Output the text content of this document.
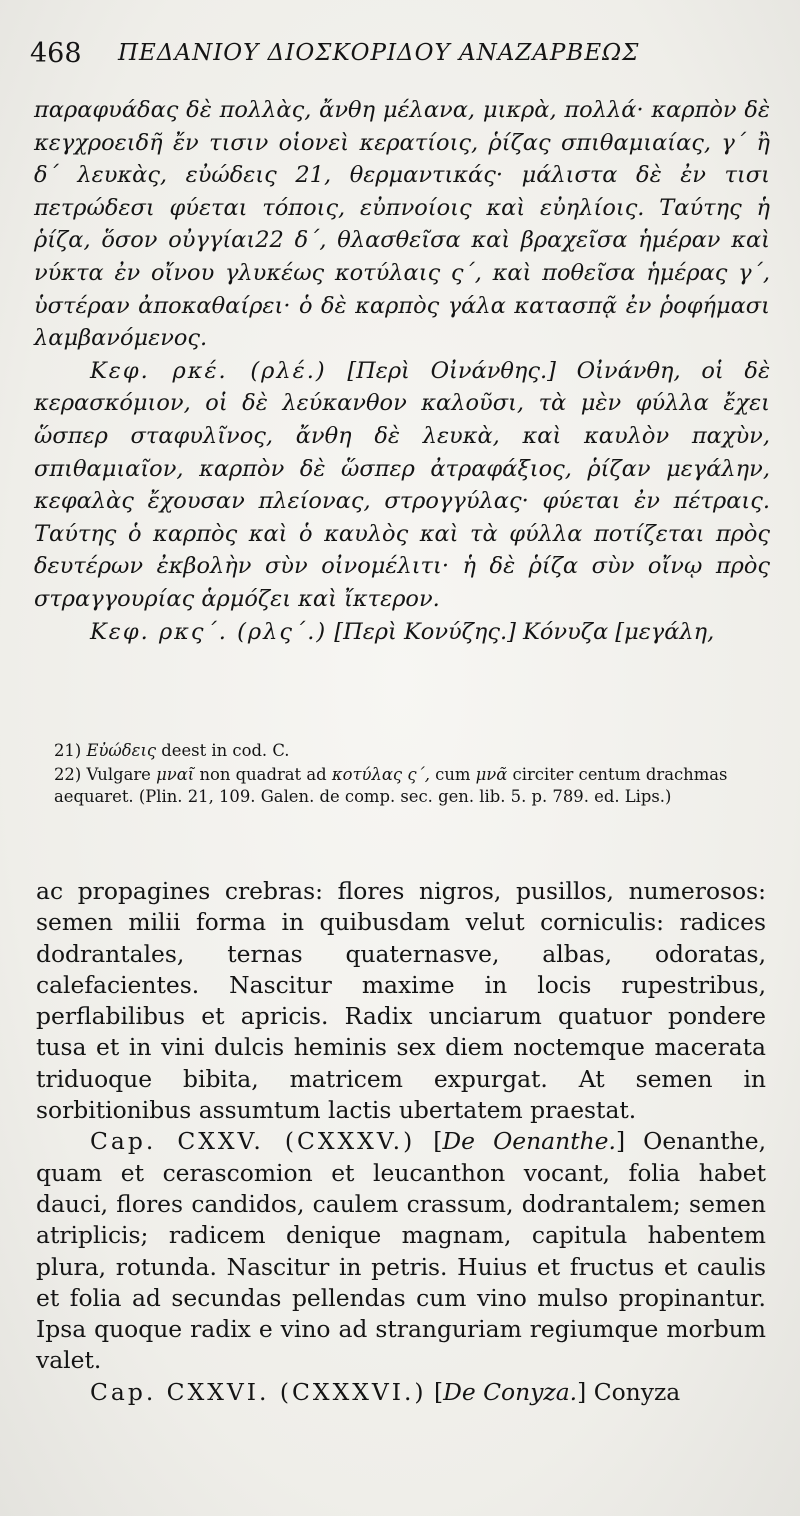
468 ΠΕΔΑΝΙΟΥ ΔΙΟΣΚΟΡΙΔΟΥ ΑΝΑΖΑΡΒΕΩΣ

παραφυάδας δὲ πολλὰς, ἄνθη μέλανα, μικρὰ, πολλά· καρπὸν δὲ κεγχροειδῆ ἔν τισιν οἱονεὶ κερατίοις, ῥίζας σπιθαμιαίας, γ΄ ἢ δ΄ λευκὰς, εὐώδεις 21, θερμαντικάς· μάλιστα δὲ ἐν τισι πετρώδεσι φύεται τόποις, εὐπνοίοις καὶ εὐηλίοις. Ταύτης ἡ ῥίζα, ὅσον οὐγγίαι22 δ΄, θλασθεῖσα καὶ βραχεῖσα ἡμέραν καὶ νύκτα ἐν οἴνου γλυκέως κοτύλαις ς΄, καὶ ποθεῖσα ἡμέρας γ΄, ὑστέραν ἀποκαθαίρει· ὁ δὲ καρπὸς γάλα κατασπᾷ ἐν ῥοφήμασι λαμβανόμενος.

Κεφ. ρκέ. (ρλέ.) [Περὶ Οἰνάνθης.] Οἰνάνθη, οἱ δὲ κερασκόμιον, οἱ δὲ λεύκανθον καλοῦσι, τὰ μὲν φύλλα ἔχει ὥσπερ σταφυλῖνος, ἄνθη δὲ λευκὰ, καὶ καυλὸν παχὺν, σπιθαμιαῖον, καρπὸν δὲ ὥσπερ ἀτραφάξιος, ῥίζαν μεγάλην, κεφαλὰς ἔχουσαν πλείονας, στρογγύλας· φύεται ἐν πέτραις. Ταύτης ὁ καρπὸς καὶ ὁ καυλὸς καὶ τὰ φύλλα ποτίζεται πρὸς δευτέρων ἐκβολὴν σὺν οἰνομέλιτι· ἡ δὲ ῥίζα σὺν οἴνῳ πρὸς στραγγουρίας ἁρμόζει καὶ ἴκτερον.

Κεφ. ρκς΄. (ρλς΄.) [Περὶ Κονύζης.] Κόνυζα [μεγάλη,

21) Εὐώδεις deest in cod. C.

22) Vulgare μναῖ non quadrat ad κοτύλας ς΄, cum μνᾶ circiter centum drachmas aequaret. (Plin. 21, 109. Galen. de comp. sec. gen. lib. 5. p. 789. ed. Lips.)

ac propagines crebras: flores nigros, pusillos, numerosos: semen milii forma in quibusdam velut corniculis: radices dodrantales, ternas quaternasve, albas, odoratas, calefacientes. Nascitur maxime in locis rupestribus, perflabilibus et apricis. Radix unciarum quatuor pondere tusa et in vini dulcis heminis sex diem noctemque macerata triduoque bibita, matricem expurgat. At semen in sorbitionibus assumtum lactis ubertatem praestat.

Cap. CXXV. (CXXXV.) [De Oenanthe.] Oenanthe, quam et cerascomion et leucanthon vocant, folia habet dauci, flores candidos, caulem crassum, dodrantalem; semen atriplicis; radicem denique magnam, capitula habentem plura, rotunda. Nascitur in petris. Huius et fructus et caulis et folia ad secundas pellendas cum vino mulso propinantur. Ipsa quoque radix e vino ad stranguriam regiumque morbum valet.

Cap. CXXVI. (CXXXVI.) [De Conyza.] Conyza
